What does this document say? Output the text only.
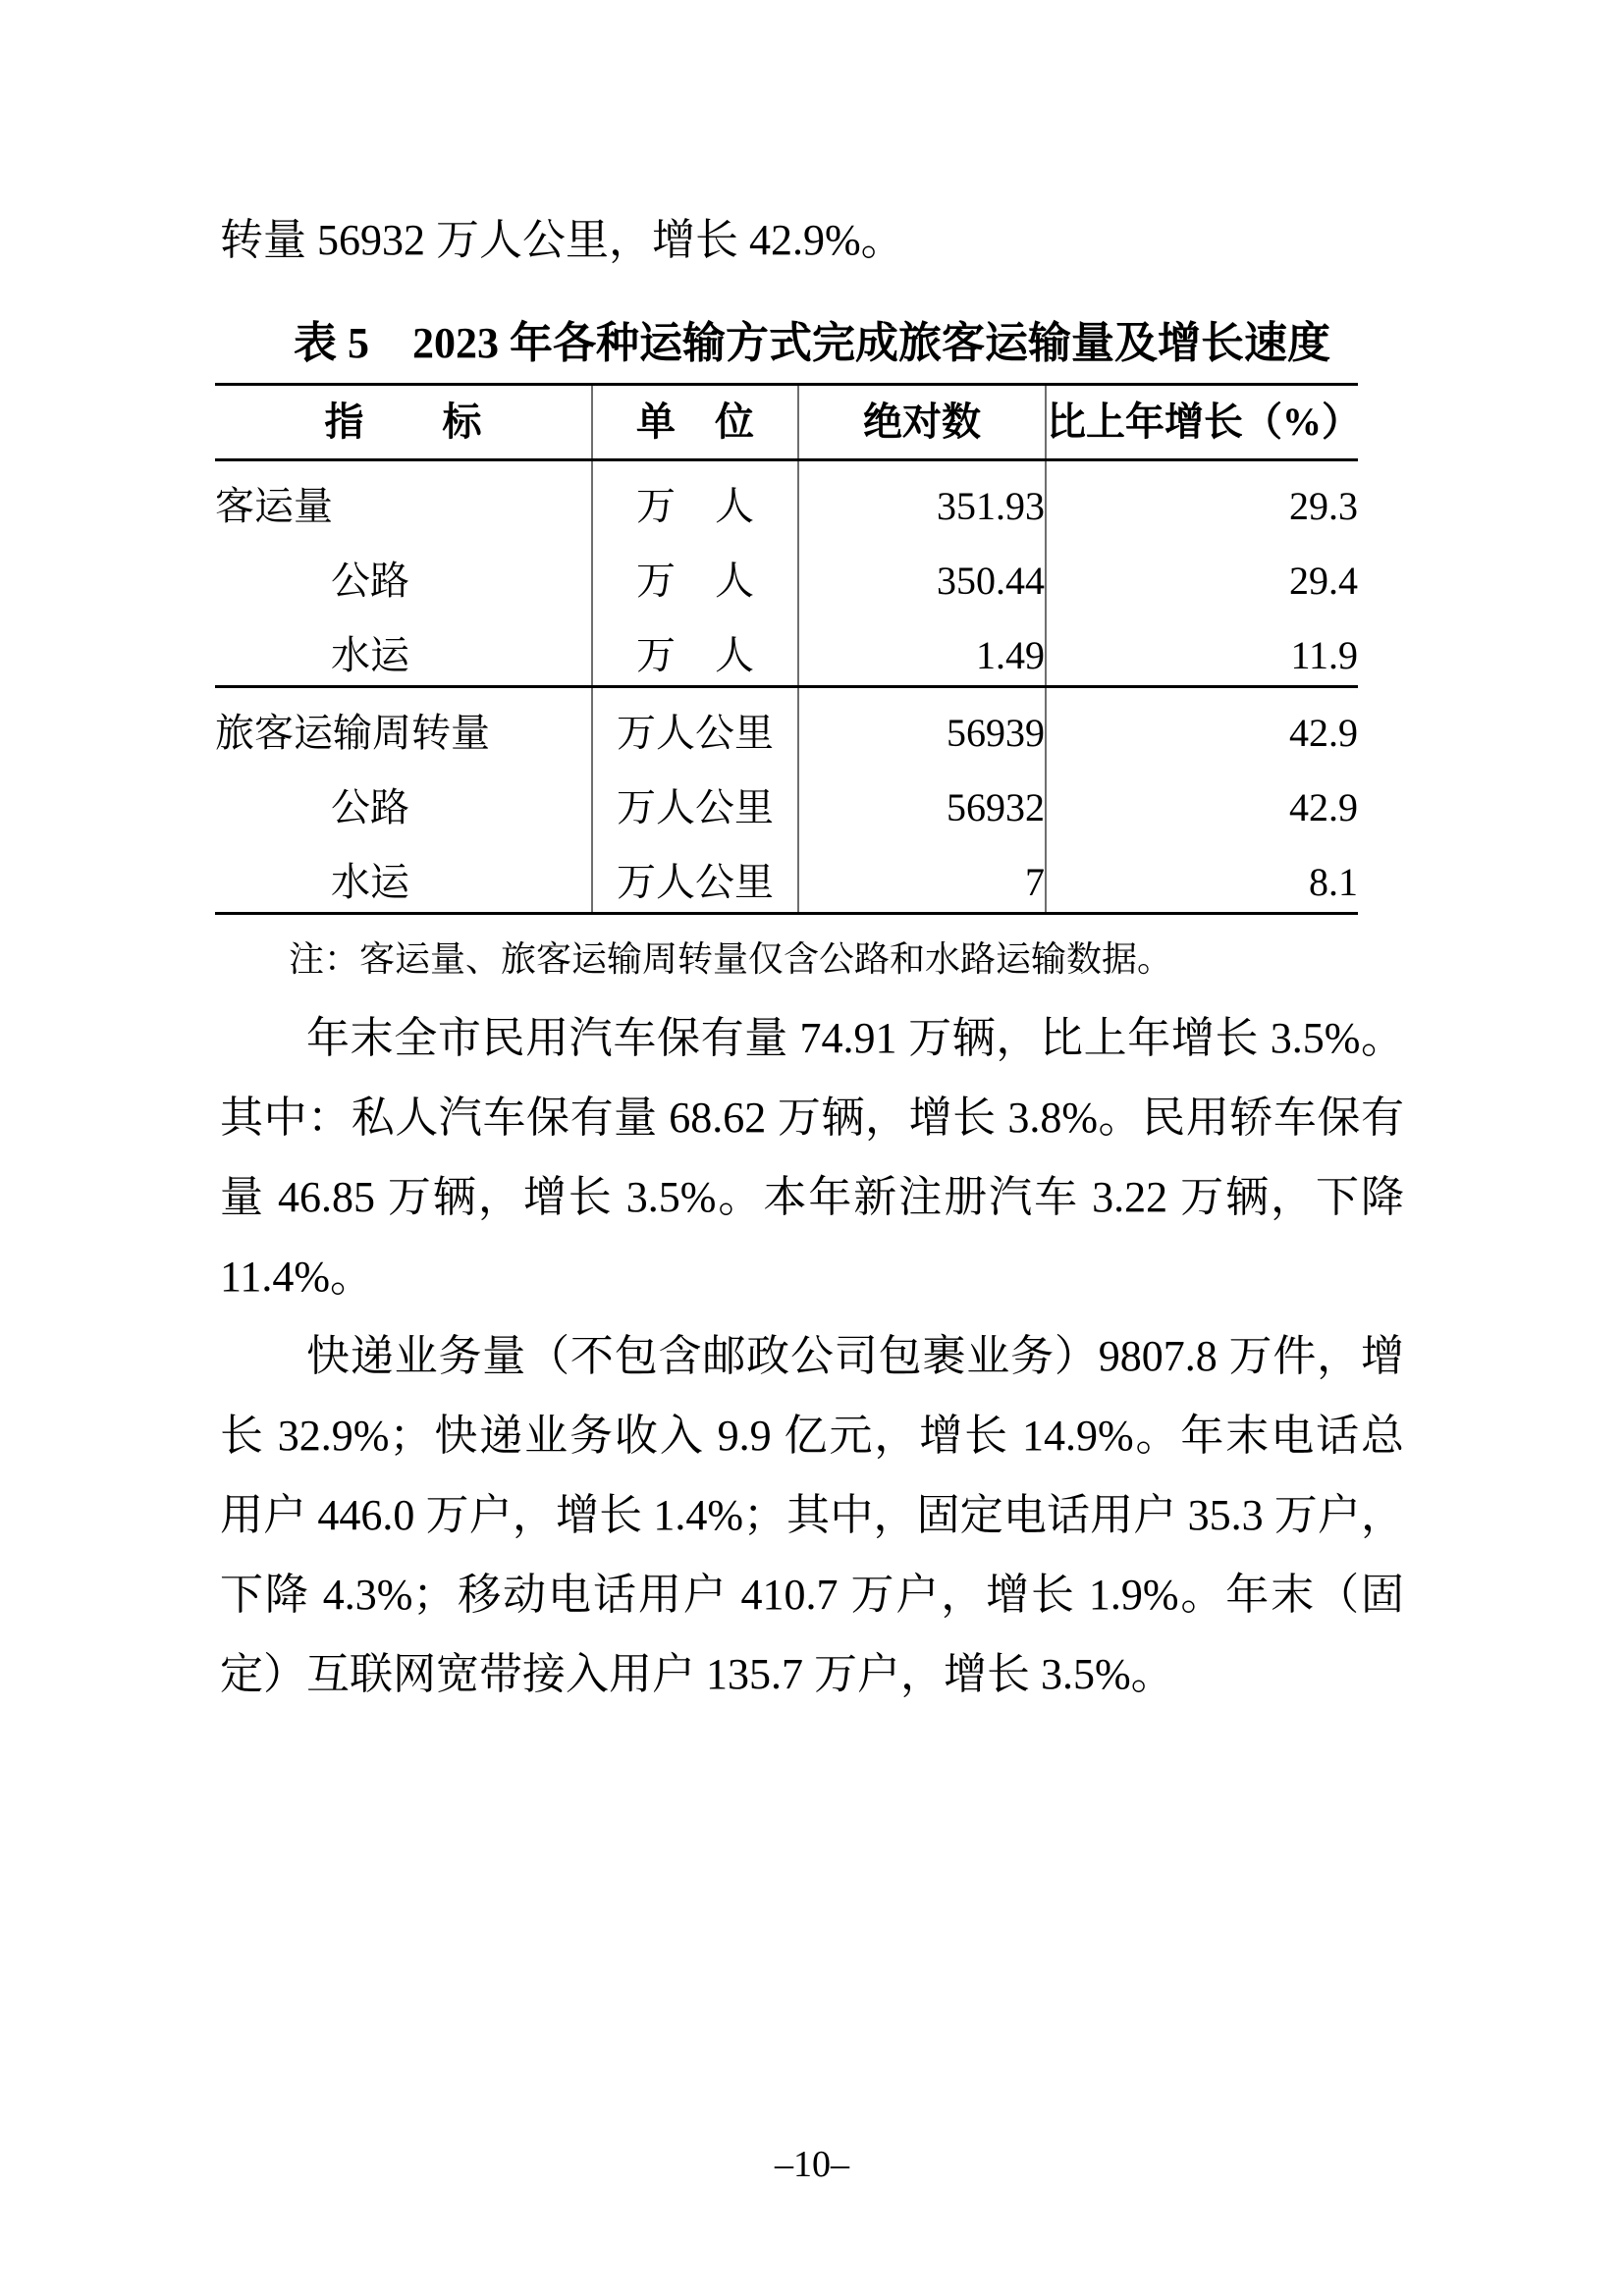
转量 56932 万人公里，增长 42.9%。

表 5　2023 年各种运输方式完成旅客运输量及增长速度
指　　标	单　位	绝对数	比上年增长（%）
客运量	万　人	351.93	29.3
公路	万　人	350.44	29.4
水运	万　人	1.49	11.9
旅客运输周转量	万人公里	56939	42.9
公路	万人公里	56932	42.9
水运	万人公里	7	8.1

注：客运量、旅客运输周转量仅含公路和水路运输数据。

年末全市民用汽车保有量 74.91 万辆，比上年增长 3.5%。其中：私人汽车保有量 68.62 万辆，增长 3.8%。民用轿车保有量 46.85 万辆，增长 3.5%。本年新注册汽车 3.22 万辆，下降 11.4%。

快递业务量（不包含邮政公司包裹业务）9807.8 万件，增长 32.9%；快递业务收入 9.9 亿元，增长 14.9%。年末电话总用户 446.0 万户，增长 1.4%；其中，固定电话用户 35.3 万户，下降 4.3%；移动电话用户 410.7 万户，增长 1.9%。年末（固定）互联网宽带接入用户 135.7 万户，增长 3.5%。

–10–
